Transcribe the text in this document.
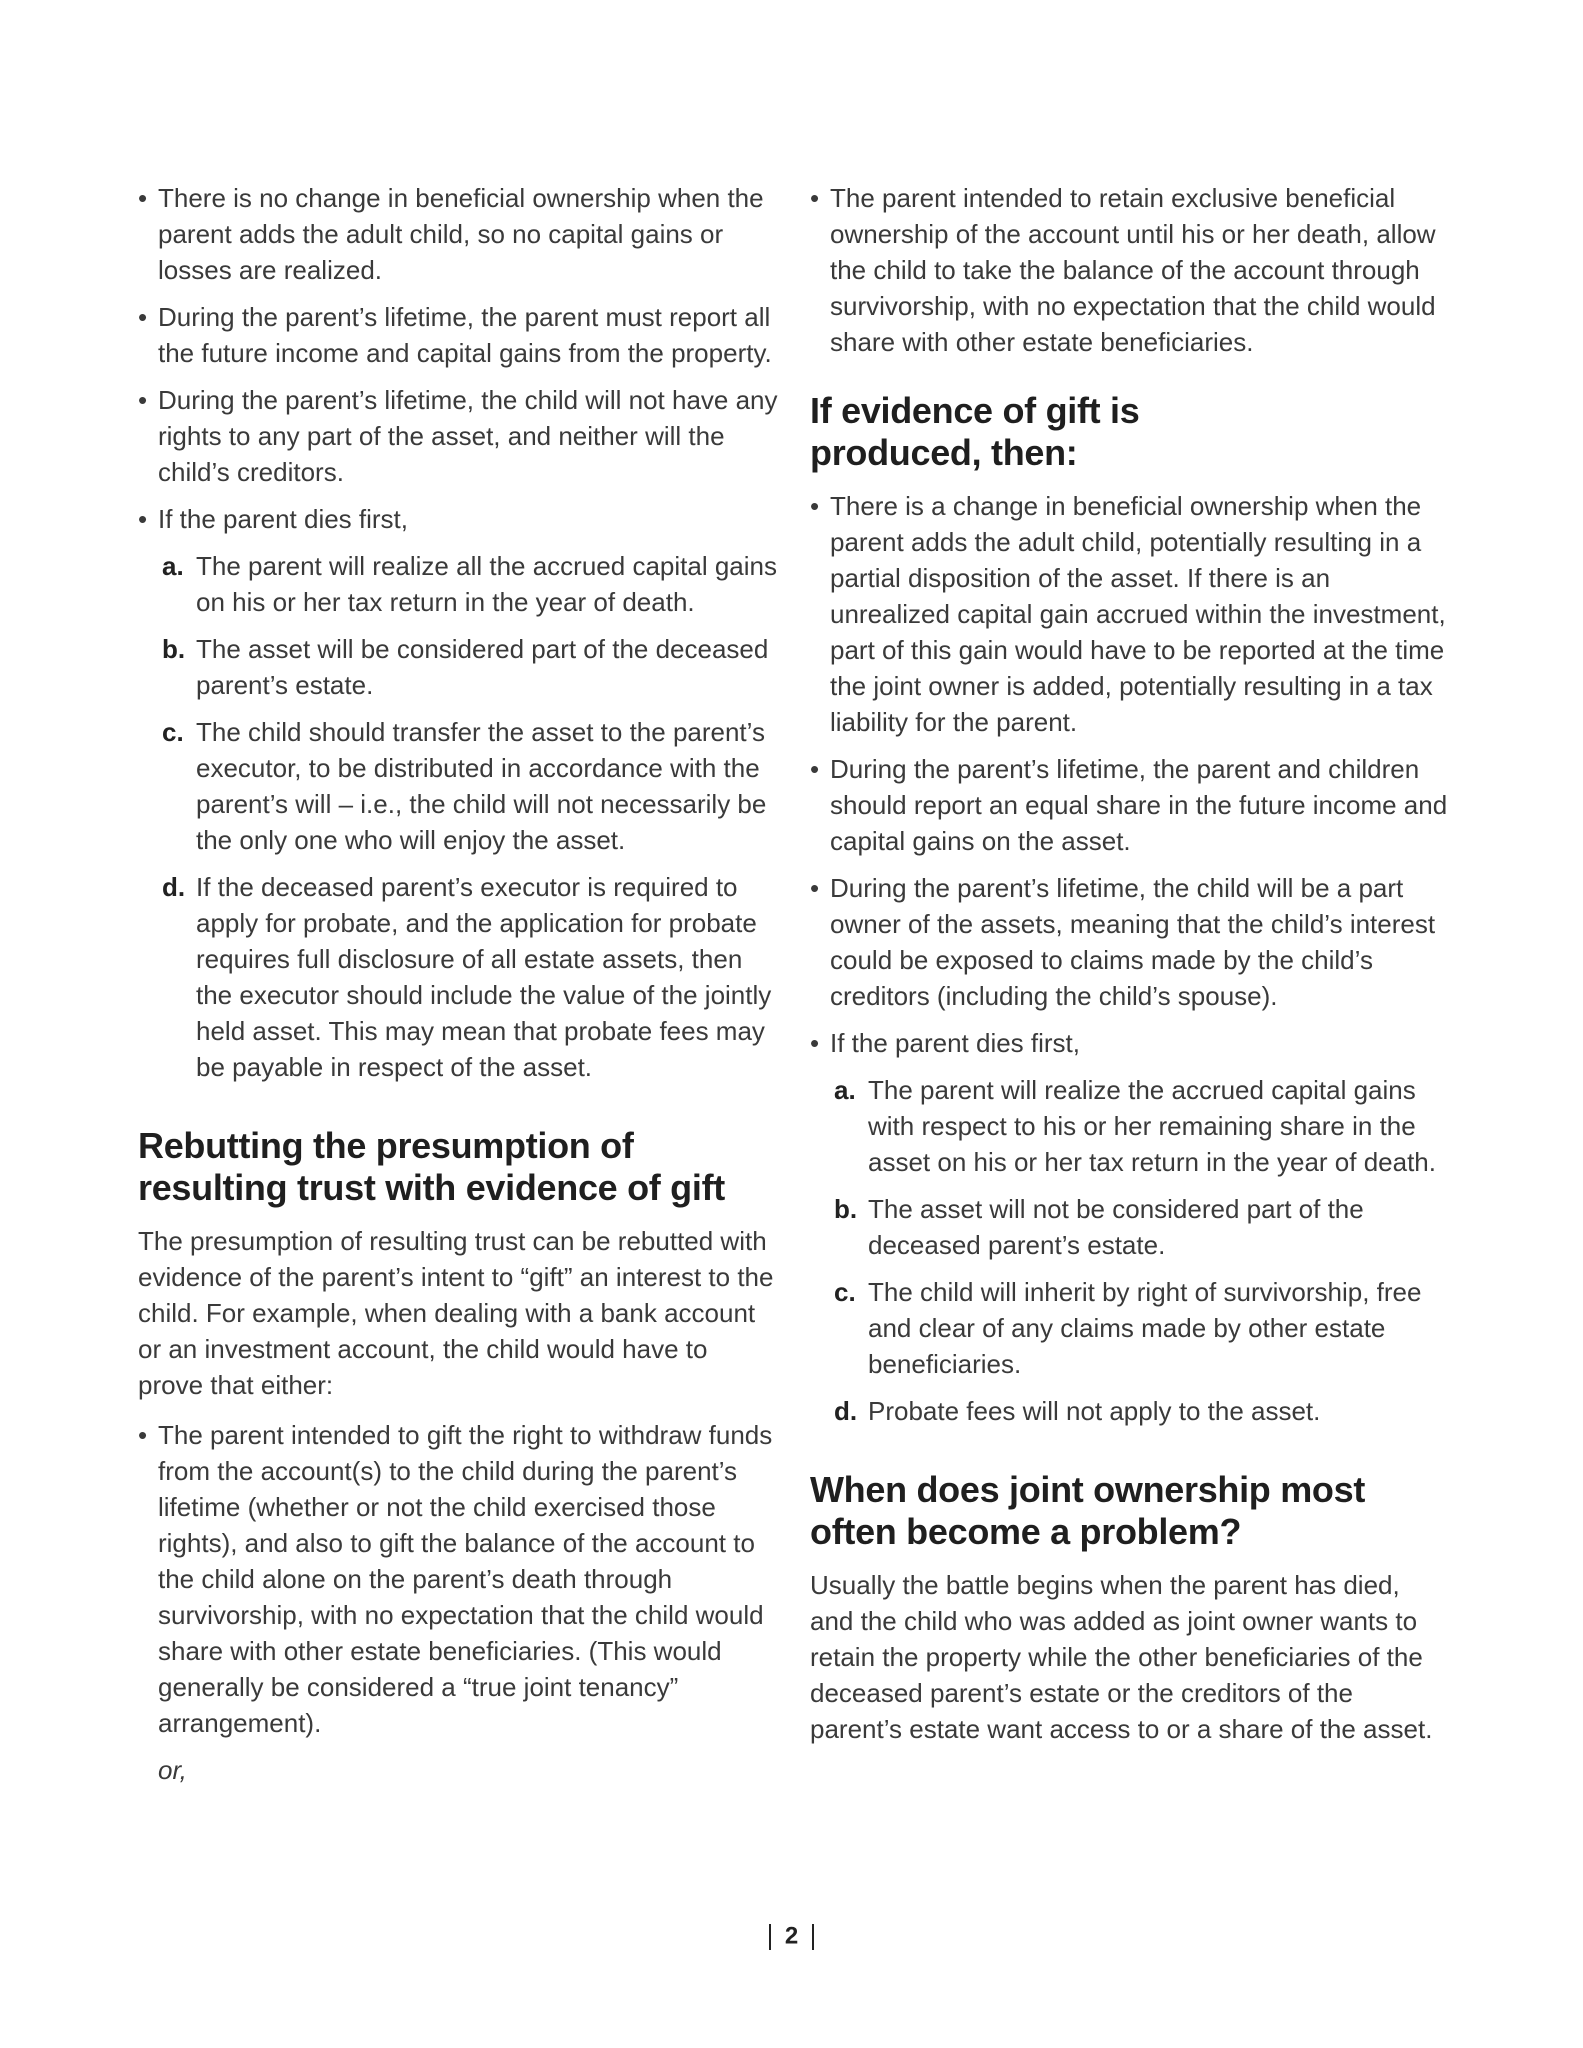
• There is no change in beneficial ownership when the parent adds the adult child, so no capital gains or losses are realized.
• During the parent’s lifetime, the parent must report all the future income and capital gains from the property.
• During the parent’s lifetime, the child will not have any rights to any part of the asset, and neither will the child’s creditors.
• If the parent dies first,
a. The parent will realize all the accrued capital gains on his or her tax return in the year of death.
b. The asset will be considered part of the deceased parent’s estate.
c. The child should transfer the asset to the parent’s executor, to be distributed in accordance with the parent’s will – i.e., the child will not necessarily be the only one who will enjoy the asset.
d. If the deceased parent’s executor is required to apply for probate, and the application for probate requires full disclosure of all estate assets, then the executor should include the value of the jointly held asset. This may mean that probate fees may be payable in respect of the asset.
Rebutting the presumption of resulting trust with evidence of gift

The presumption of resulting trust can be rebutted with evidence of the parent’s intent to “gift” an interest to the child. For example, when dealing with a bank account or an investment account, the child would have to prove that either:

• The parent intended to gift the right to withdraw funds from the account(s) to the child during the parent’s lifetime (whether or not the child exercised those rights), and also to gift the balance of the account to the child alone on the parent’s death through survivorship, with no expectation that the child would share with other estate beneficiaries. (This would generally be considered a “true joint tenancy” arrangement).
or,
• The parent intended to retain exclusive beneficial ownership of the account until his or her death, allow the child to take the balance of the account through survivorship, with no expectation that the child would share with other estate beneficiaries.
If evidence of gift is produced, then:
• There is a change in beneficial ownership when the parent adds the adult child, potentially resulting in a partial disposition of the asset. If there is an unrealized capital gain accrued within the investment, part of this gain would have to be reported at the time the joint owner is added, potentially resulting in a tax liability for the parent.
• During the parent’s lifetime, the parent and children should report an equal share in the future income and capital gains on the asset.
• During the parent’s lifetime, the child will be a part owner of the assets, meaning that the child’s interest could be exposed to claims made by the child’s creditors (including the child’s spouse).
• If the parent dies first,
a. The parent will realize the accrued capital gains with respect to his or her remaining share in the asset on his or her tax return in the year of death.
b. The asset will not be considered part of the deceased parent’s estate.
c. The child will inherit by right of survivorship, free and clear of any claims made by other estate beneficiaries.
d. Probate fees will not apply to the asset.
When does joint ownership most often become a problem?

Usually the battle begins when the parent has died, and the child who was added as joint owner wants to retain the property while the other beneficiaries of the deceased parent’s estate or the creditors of the parent’s estate want access to or a share of the asset.

2
